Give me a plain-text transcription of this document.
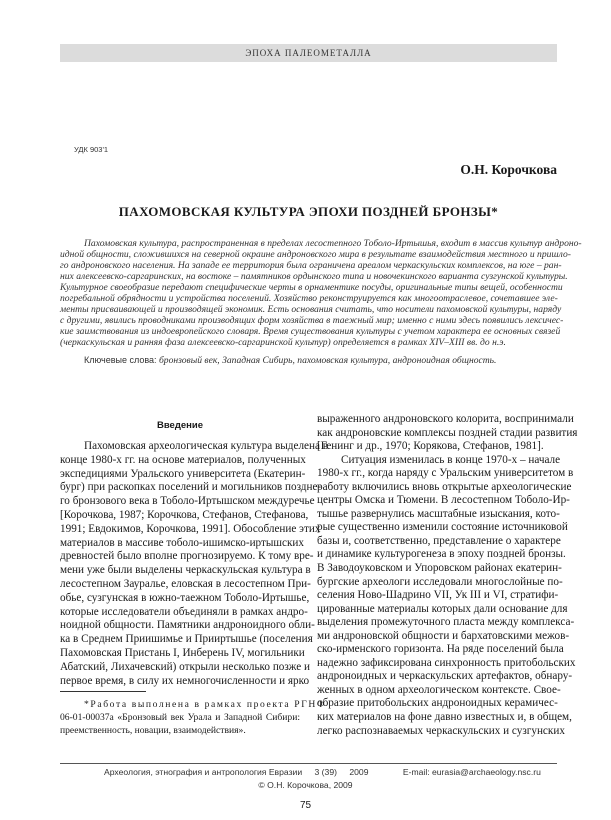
ЭПОХА ПАЛЕОМЕТАЛЛА
УДК 903'1
О.Н. Корочкова
ПАХОМОВСКАЯ КУЛЬТУРА ЭПОХИ ПОЗДНЕЙ БРОНЗЫ*
Пахомовская культура, распространенная в пределах лесостепного Тоболо-Иртышья, входит в массив культур андроно-
идной общности, сложившихся на северной окраине андроновского мира в результате взаимодействия местного и пришло-
го андроновского населения. На западе ее территория была ограничена ареалом черкаскульских комплексов, на юге – ран-
них алексеевско-саргаринских, на востоке – памятников ордынского типа и новочекинского варианта сузгунской культуры.
Культурное своеобразие передают специфические черты в орнаментике посуды, оригинальные типы вещей, особенности
погребальной обрядности и устройства поселений. Хозяйство реконструируется как многоотраслевое, сочетавшее эле-
менты присваивающей и производящей экономик. Есть основания считать, что носители пахомовской культуры, наряду
с другими, явились проводниками производящих форм хозяйства в таежный мир; именно с ними здесь появились лексичес-
кие заимствования из индоевропейского словаря. Время существования культуры с учетом характера ее основных связей
(черкаскульская и ранняя фаза алексеевско-саргаринской культур) определяется в рамках XIV–XIII вв. до н.э.
Ключевые слова: бронзовый век, Западная Сибирь, пахомовская культура, андроноидная общность.
Введение
Пахомовская археологическая культура выделена в
конце 1980-х гг. на основе материалов, полученных
экспедициями Уральского университета (Екатерин-
бург) при раскопках поселений и могильников поздне-
го бронзового века в Тоболо-Иртышском междуречье
[Корочкова, 1987; Корочкова, Стефанов, Стефанова,
1991; Евдокимов, Корочкова, 1991]. Обособление этих
материалов в массиве тоболо-ишимско-иртышских
древностей было вполне прогнозируемо. К тому вре-
мени уже были выделены черкаскульская культура в
лесостепном Зауралье, еловская в лесостепном При-
обье, сузгунская в южно-таежном Тоболо-Иртышье,
которые исследователи объединяли в рамках андро-
ноидной общности. Памятники андроноидного обли-
ка в Среднем Приишимье и Прииртышье (поселения
Пахомовская Пристань I, Инберень IV, могильники
Абатский, Лихачевский) открыли несколько позже и
первое время, в силу их немногочисленности и ярко
*Работа выполнена в рамках проекта РГНФ
06-01-00037а «Бронзовый век Урала и Западной Сибири:
преемственность, новации, взаимодействия».
выраженного андроновского колорита, воспринимали
как андроновские комплексы поздней стадии развития
[Генинг и др., 1970; Корякова, Стефанов, 1981].
Ситуация изменилась в конце 1970-х – начале
1980-х гг., когда наряду с Уральским университетом в
работу включились вновь открытые археологические
центры Омска и Тюмени. В лесостепном Тоболо-Ир-
тышье развернулись масштабные изыскания, кото-
рые существенно изменили состояние источниковой
базы и, соответственно, представление о характере
и динамике культурогенеза в эпоху поздней бронзы.
В Заводоуковском и Упоровском районах екатерин-
бургские археологи исследовали многослойные по-
селения Ново-Шадрино VII, Ук III и VI, стратифи-
цированные материалы которых дали основание для
выделения промежуточного пласта между комплекса-
ми андроновской общности и бархатовскими межов-
ско-ирменского горизонта. На ряде поселений была
надежно зафиксирована синхронность притобольских
андроноидных и черкаскульских артефактов, обнару-
женных в одном археологическом контексте. Свое-
образие притобольских андроноидных керамичес-
ких материалов на фоне давно известных и, в общем,
легко распознаваемых черкаскульских и сузгунских
Археология, этнография и антропология Евразии 3 (39) 2009	E-mail: eurasia@archaeology.nsc.ru
© О.Н. Корочкова, 2009
75
